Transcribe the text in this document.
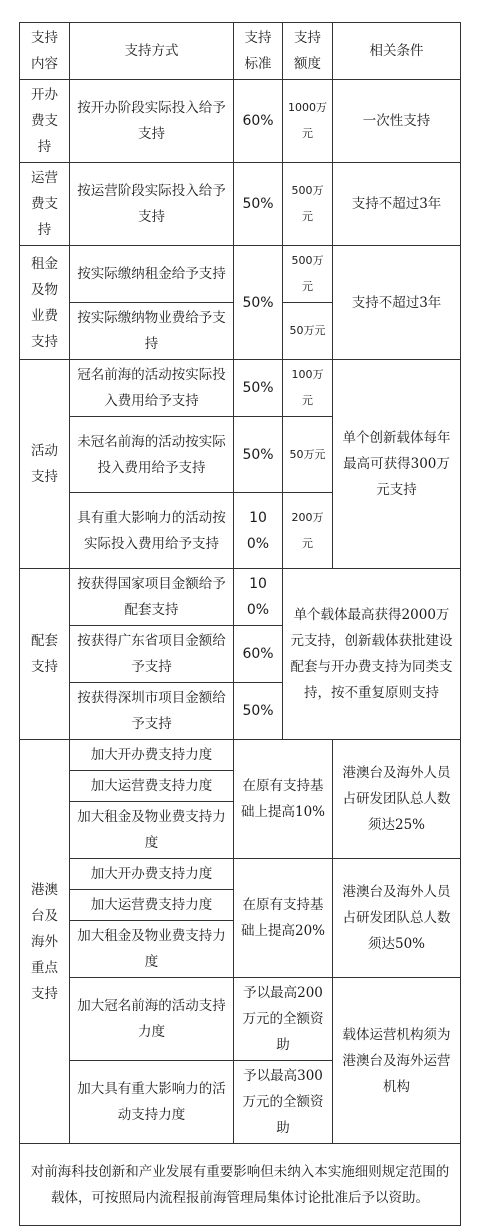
支持内容	支持方式	支持标准	支持额度	相关条件
开办费支持	按开办阶段实际投入给予支持	60%	1000万元	一次性支持
运营费支持	按运营阶段实际投入给予支持	50%	500万元	支持不超过3年
租金及物业费支持	按实际缴纳租金给予支持	50%	500万元	支持不超过3年
	按实际缴纳物业费给予支持		50万元	
活动支持	冠名前海的活动按实际投入费用给予支持	50%	100万元	单个创新载体每年最高可获得300万元支持
	未冠名前海的活动按实际投入费用给予支持	50%	50万元	
	具有重大影响力的活动按实际投入费用给予支持	100%	200万元	
配套支持	按获得国家项目金额给予配套支持	100%	单个载体最高获得2000万元支持，创新载体获批建设配套与开办费支持为同类支持，按不重复原则支持	
	按获得广东省项目金额给予支持	60%		
	按获得深圳市项目金额给予支持	50%		
港澳台及海外重点支持	加大开办费支持力度	在原有支持基础上提高10%		港澳台及海外人员占研发团队总人数须达25%
	加大运营费支持力度			
	加大租金及物业费支持力度			
	加大开办费支持力度	在原有支持基础上提高20%		港澳台及海外人员占研发团队总人数须达50%
	加大运营费支持力度			
	加大租金及物业费支持力度			
	加大冠名前海的活动支持力度	予以最高200万元的全额资助		载体运营机构须为港澳台及海外运营机构
	加大具有重大影响力的活动支持力度	予以最高300万元的全额资助		
对前海科技创新和产业发展有重要影响但未纳入本实施细则规定范围的载体，可按照局内流程报前海管理局集体讨论批准后予以资助。				
